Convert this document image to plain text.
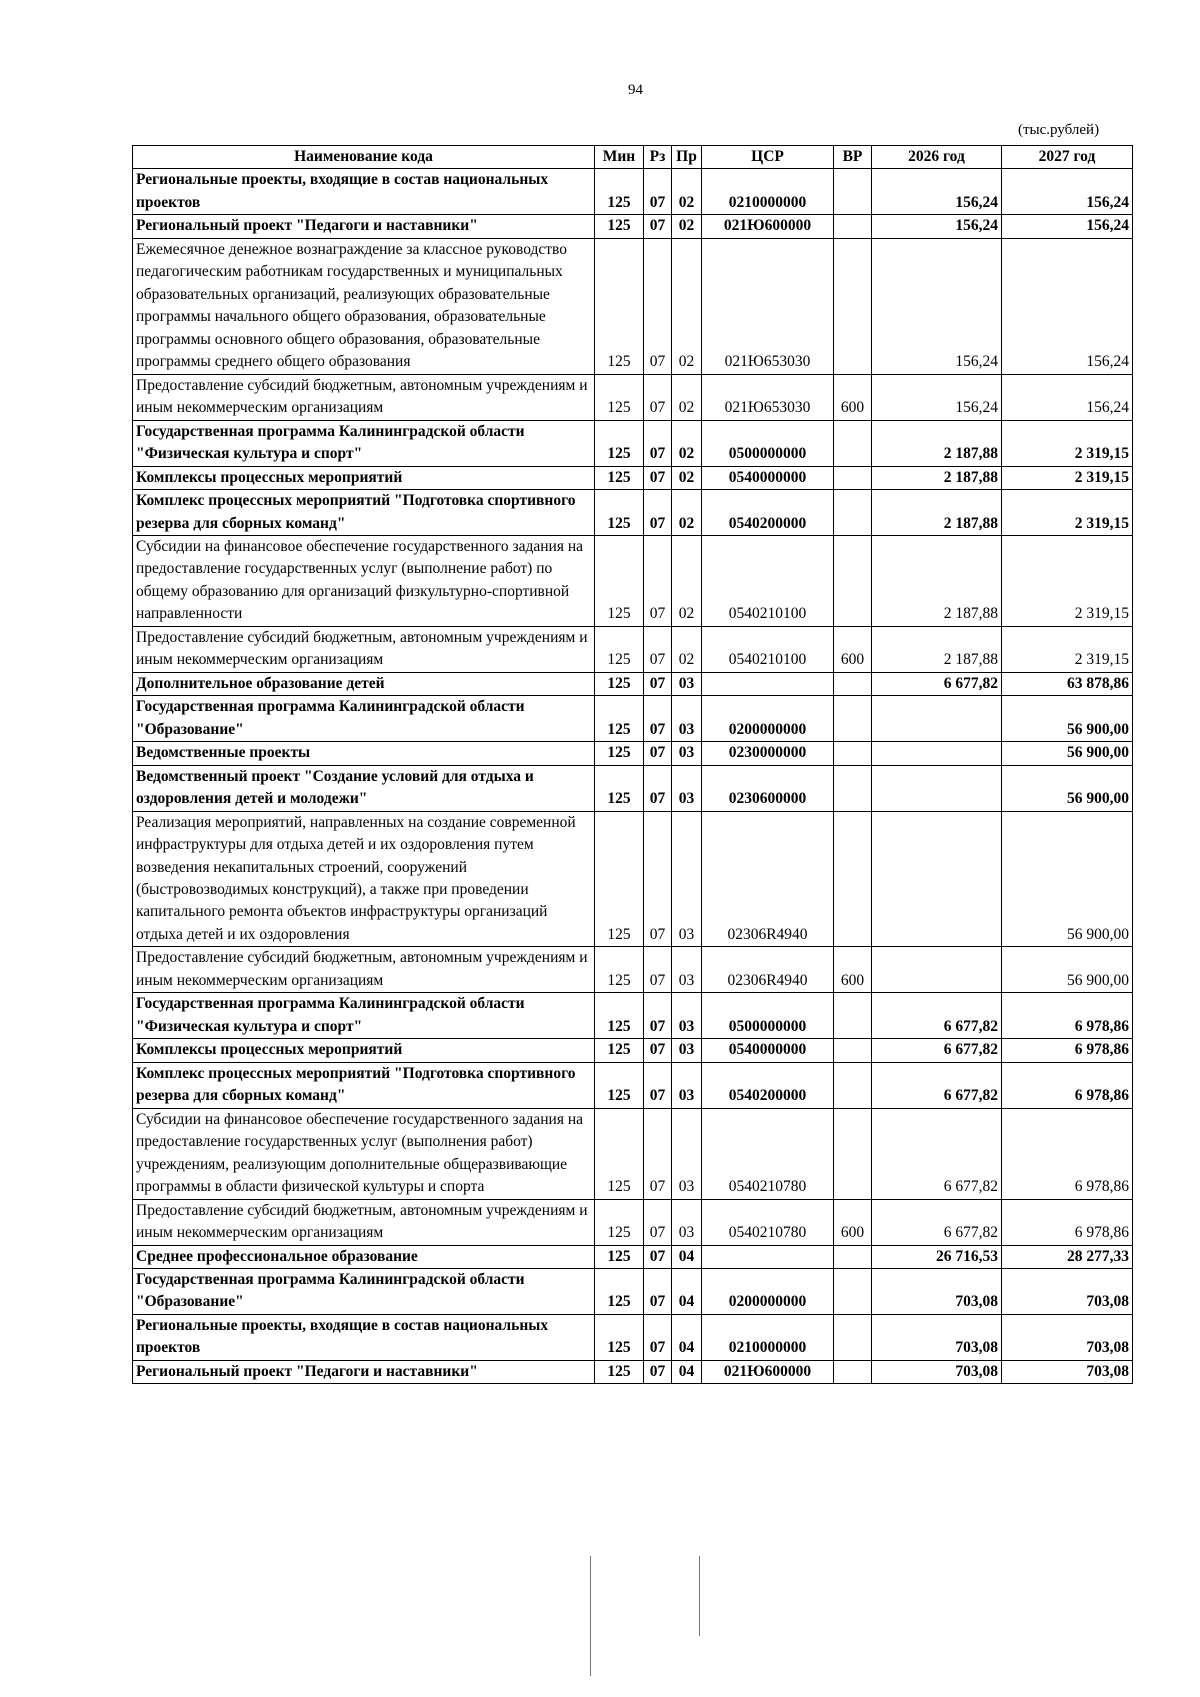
94
(тыс.рублей)
Наименование кода	Мин	Рз	Пр	ЦСР	ВР	2026 год	2027 год
Региональные проекты, входящие в состав национальных проектов	125	07	02	0210000000		156,24	156,24
Региональный проект "Педагоги и наставники"	125	07	02	021Ю600000		156,24	156,24
Ежемесячное денежное вознаграждение за классное руководство педагогическим работникам государственных и муниципальных образовательных организаций, реализующих образовательные программы начального общего образования, образовательные программы основного общего образования, образовательные программы среднего общего образования	125	07	02	021Ю653030		156,24	156,24
Предоставление субсидий бюджетным, автономным учреждениям и иным некоммерческим организациям	125	07	02	021Ю653030	600	156,24	156,24
Государственная программа Калининградской области "Физическая культура и спорт"	125	07	02	0500000000		2 187,88	2 319,15
Комплексы процессных мероприятий	125	07	02	0540000000		2 187,88	2 319,15
Комплекс процессных мероприятий "Подготовка спортивного резерва для сборных команд"	125	07	02	0540200000		2 187,88	2 319,15
Субсидии на финансовое обеспечение государственного задания на предоставление государственных услуг (выполнение работ) по общему образованию для организаций физкультурно-спортивной направленности	125	07	02	0540210100		2 187,88	2 319,15
Предоставление субсидий бюджетным, автономным учреждениям и иным некоммерческим организациям	125	07	02	0540210100	600	2 187,88	2 319,15
Дополнительное образование детей	125	07	03			6 677,82	63 878,86
Государственная программа Калининградской области "Образование"	125	07	03	0200000000			56 900,00
Ведомственные проекты	125	07	03	0230000000			56 900,00
Ведомственный проект "Создание условий для отдыха и оздоровления детей и молодежи"	125	07	03	0230600000			56 900,00
Реализация мероприятий, направленных на создание современной инфраструктуры для отдыха детей и их оздоровления путем возведения некапитальных строений, сооружений (быстровозводимых конструкций), а также при проведении капитального ремонта объектов инфраструктуры организаций отдыха детей и их оздоровления	125	07	03	02306R4940			56 900,00
Предоставление субсидий бюджетным, автономным учреждениям и иным некоммерческим организациям	125	07	03	02306R4940	600		56 900,00
Государственная программа Калининградской области "Физическая культура и спорт"	125	07	03	0500000000		6 677,82	6 978,86
Комплексы процессных мероприятий	125	07	03	0540000000		6 677,82	6 978,86
Комплекс процессных мероприятий "Подготовка спортивного резерва для сборных команд"	125	07	03	0540200000		6 677,82	6 978,86
Субсидии на финансовое обеспечение государственного задания на предоставление государственных услуг (выполнения работ) учреждениям, реализующим дополнительные общеразвивающие программы в области физической культуры и спорта	125	07	03	0540210780		6 677,82	6 978,86
Предоставление субсидий бюджетным, автономным учреждениям и иным некоммерческим организациям	125	07	03	0540210780	600	6 677,82	6 978,86
Среднее профессиональное образование	125	07	04			26 716,53	28 277,33
Государственная программа Калининградской области "Образование"	125	07	04	0200000000		703,08	703,08
Региональные проекты, входящие в состав национальных проектов	125	07	04	0210000000		703,08	703,08
Региональный проект "Педагоги и наставники"	125	07	04	021Ю600000		703,08	703,08
